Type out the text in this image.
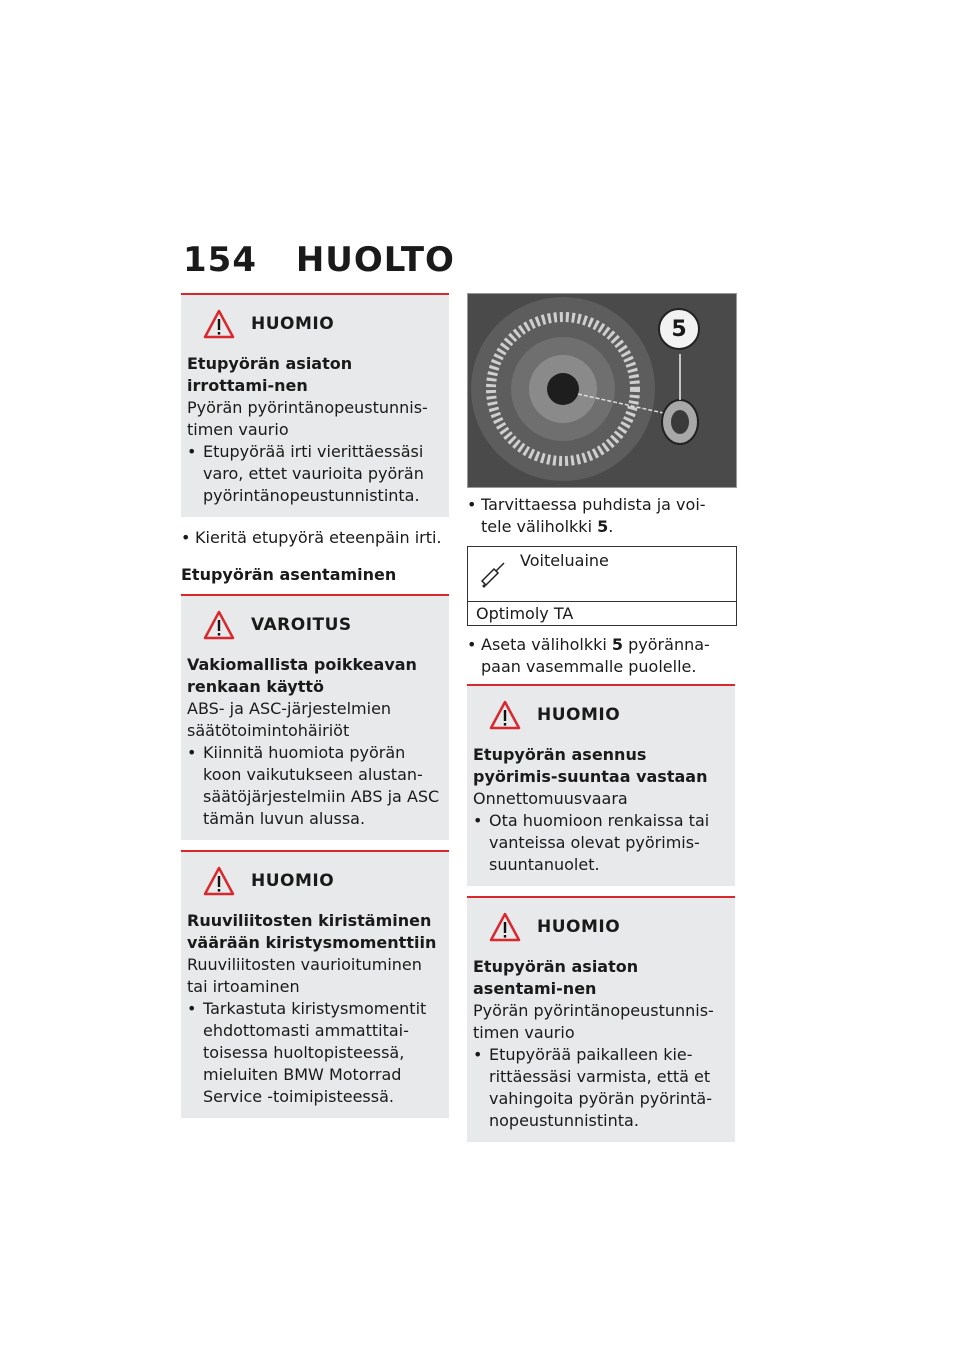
154 HUOLTO
HUOMIO
Etupyörän asiaton irrottami-nen
Pyörän pyörintänopeustunnis-timen vaurio
• Etupyörää irti vierittäessäsi varo, ettet vaurioita pyörän pyörintänopeustunnistinta.
• Kieritä etupyörä eteenpäin irti.
Etupyörän asentaminen
VAROITUS
Vakiomallista poikkeavan renkaan käyttö
ABS- ja ASC-järjestelmien säätötoimintohäiriöt
• Kiinnitä huomiota pyörän koon vaikutukseen alustan-säätöjärjestelmiin ABS ja ASC tämän luvun alussa.
HUOMIO
Ruuviliitosten kiristäminen väärään kiristysmomenttiin
Ruuviliitosten vaurioituminen tai irtoaminen
• Tarkastuta kiristysmomentit ehdottomasti ammattitai-toisessa huoltopisteessä, mieluiten BMW Motorrad Service -toimipisteessä.
5
• Tarvittaessa puhdista ja voi-tele väliholkki 5.
Voiteluaine
Optimoly TA
• Aseta väliholkki 5 pyöränna-paan vasemmalle puolelle.
HUOMIO
Etupyörän asennus pyörimis-suuntaa vastaan
Onnettomuusvaara
• Ota huomioon renkaissa tai vanteissa olevat pyörimis-suuntanuolet.
HUOMIO
Etupyörän asiaton asentami-nen
Pyörän pyörintänopeustunnis-timen vaurio
• Etupyörää paikalleen kie-rittäessäsi varmista, että et vahingoita pyörän pyörintä-nopeustunnistinta.
